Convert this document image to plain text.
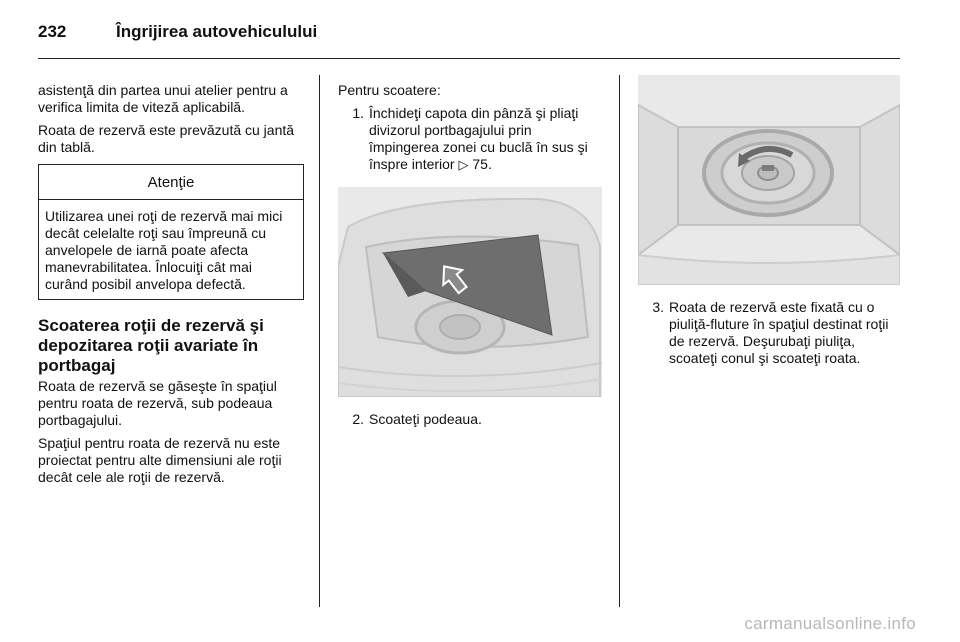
232	Îngrijirea autovehiculului

asistenţă din partea unui atelier pentru a verifica limita de viteză aplicabilă.

Roata de rezervă este prevăzută cu jantă din tablă.

Atenţie
Utilizarea unei roţi de rezervă mai mici decât celelalte roţi sau împreună cu anvelopele de iarnă poate afecta manevrabilitatea. Înlocuiţi cât mai curând posibil anvelopa defectă.
Scoaterea roţii de rezervă şi depozitarea roţii avariate în portbagaj

Roata de rezervă se găseşte în spaţiul pentru roata de rezervă, sub podeaua portbagajului.

Spaţiul pentru roata de rezervă nu este proiectat pentru alte dimensiuni ale roţii decât cele ale roţii de rezervă.

Pentru scoatere:
1. Închideţi capota din pânză şi pliaţi divizorul portbagajului prin împingerea zonei cu buclă în sus şi înspre interior ▷ 75.
2. Scoateţi podeaua.
3. Roata de rezervă este fixată cu o piuliţă-fluture în spaţiul destinat roţii de rezervă. Deşurubaţi piuliţa, scoateţi conul şi scoateţi roata.
carmanualsonline.info
